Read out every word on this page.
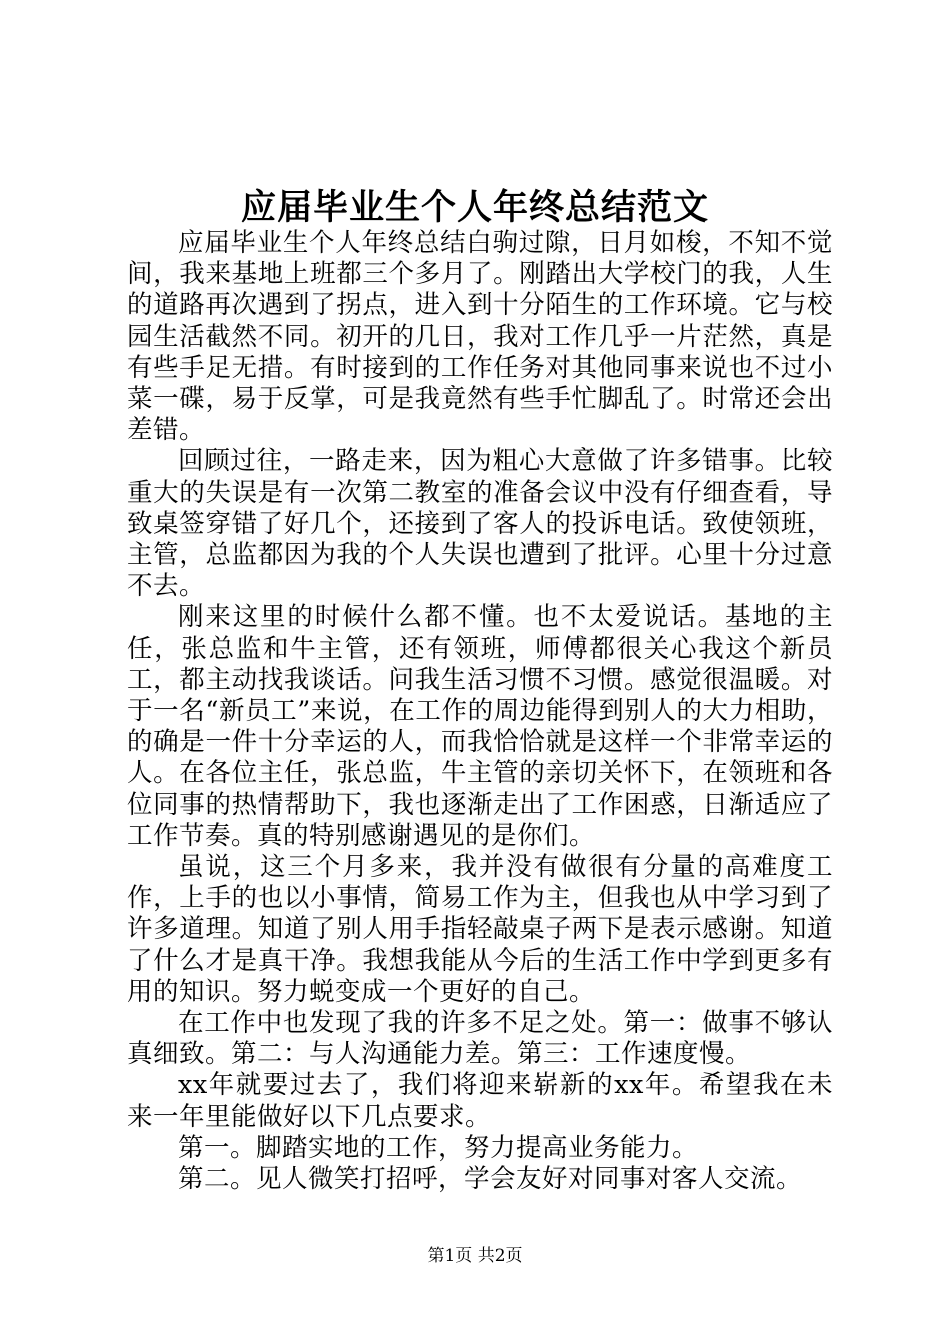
应届毕业生个人年终总结范文

应届毕业生个人年终总结白驹过隙，日月如梭，不知不觉间，我来基地上班都三个多月了。刚踏出大学校门的我，人生的道路再次遇到了拐点，进入到十分陌生的工作环境。它与校园生活截然不同。初开的几日，我对工作几乎一片茫然，真是有些手足无措。有时接到的工作任务对其他同事来说也不过小菜一碟，易于反掌，可是我竟然有些手忙脚乱了。时常还会出差错。

回顾过往，一路走来，因为粗心大意做了许多错事。比较重大的失误是有一次第二教室的准备会议中没有仔细查看，导致桌签穿错了好几个，还接到了客人的投诉电话。致使领班，主管，总监都因为我的个人失误也遭到了批评。心里十分过意不去。

刚来这里的时候什么都不懂。也不太爱说话。基地的主任，张总监和牛主管，还有领班，师傅都很关心我这个新员工，都主动找我谈话。问我生活习惯不习惯。感觉很温暖。对于一名“新员工”来说，在工作的周边能得到别人的大力相助，的确是一件十分幸运的人，而我恰恰就是这样一个非常幸运的人。在各位主任，张总监，牛主管的亲切关怀下，在领班和各位同事的热情帮助下，我也逐渐走出了工作困惑，日渐适应了工作节奏。真的特别感谢遇见的是你们。

虽说，这三个月多来，我并没有做很有分量的高难度工作，上手的也以小事情，简易工作为主，但我也从中学习到了许多道理。知道了别人用手指轻敲桌子两下是表示感谢。知道了什么才是真干净。我想我能从今后的生活工作中学到更多有用的知识。努力蜕变成一个更好的自己。

在工作中也发现了我的许多不足之处。第一：做事不够认真细致。第二：与人沟通能力差。第三：工作速度慢。

xx年就要过去了，我们将迎来崭新的xx年。希望我在未来一年里能做好以下几点要求。

第一。脚踏实地的工作，努力提高业务能力。

第二。见人微笑打招呼，学会友好对同事对客人交流。

第1页 共2页
